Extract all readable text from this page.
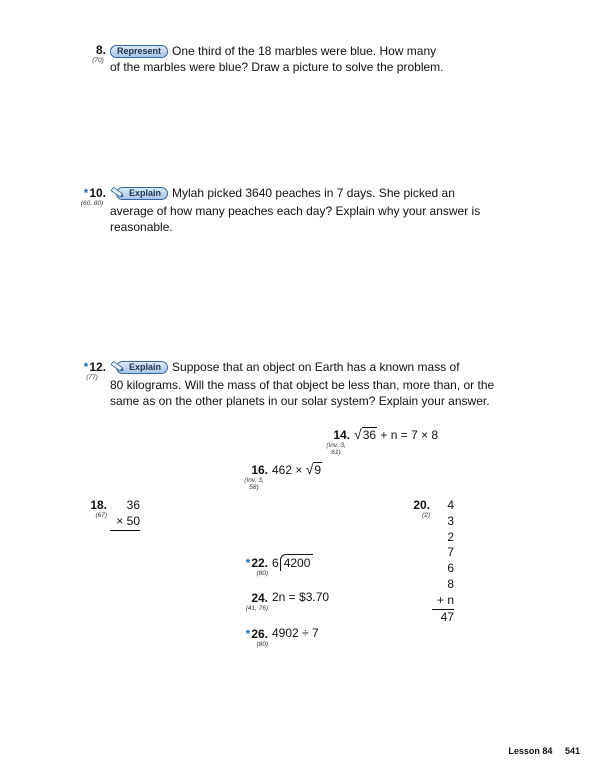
8.
(70)
Represent One third of the 18 marbles were blue. How many
of the marbles were blue? Draw a picture to solve the problem.
*10.
(60, 80)
Explain Mylah picked 3640 peaches in 7 days. She picked an
average of how many peaches each day? Explain why your answer is
reasonable.
*12.
(77)
Explain Suppose that an object on Earth has a known mass of
80 kilograms. Will the mass of that object be less than, more than, or the
same as on the other planets in our solar system? Explain your answer.
14.
(Inv. 3,
61)
√36 + n = 7 × 8
16.
(Inv. 3,
58)
462 × √9
18.
(67)
36
× 50
20.
(2)
4
3
2
7
6
8
+ n
47
*22.
(80)
6 4200
24.
(41, 76)
2n = $3.70
*26.
(80)
4902 ÷ 7
Lesson 84 541
